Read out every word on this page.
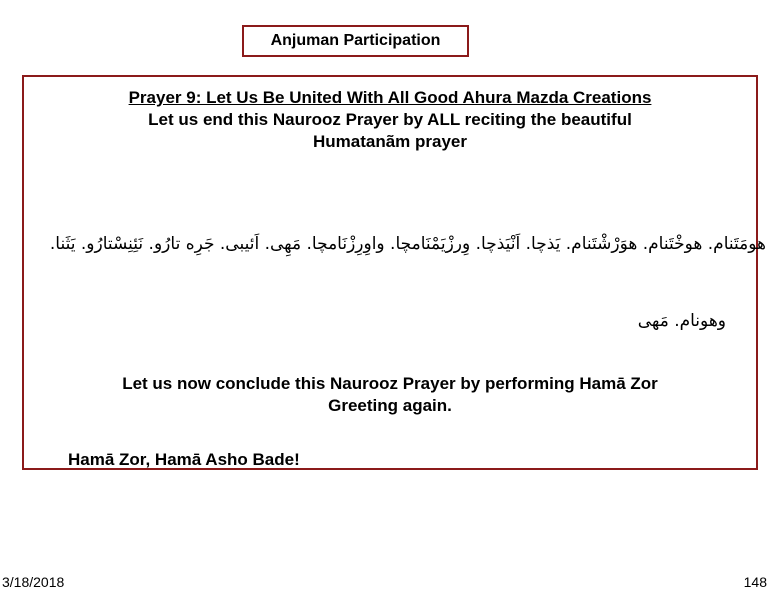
Anjuman Participation
Prayer 9: Let Us Be United With All Good Ahura Mazda Creations
Let us end this Naurooz Prayer by ALL reciting the beautiful
Humatanãm prayer
هومَتَنام. هوخْتَنام. هوَرْشْتَنام. یَذچا. اَنْیَذچا. وِرزْیَمْنَامچا. واوِرِزْنَامچا. مَهِی. اَئیبی. جَرِه تارُو. نَئِنِسْتارُو. یَثَنا.
وهونام. مَهی
Let us now conclude this Naurooz Prayer by performing Hamā Zor
Greeting again.
Hamā Zor, Hamā Asho Bade!
3/18/2018	148
